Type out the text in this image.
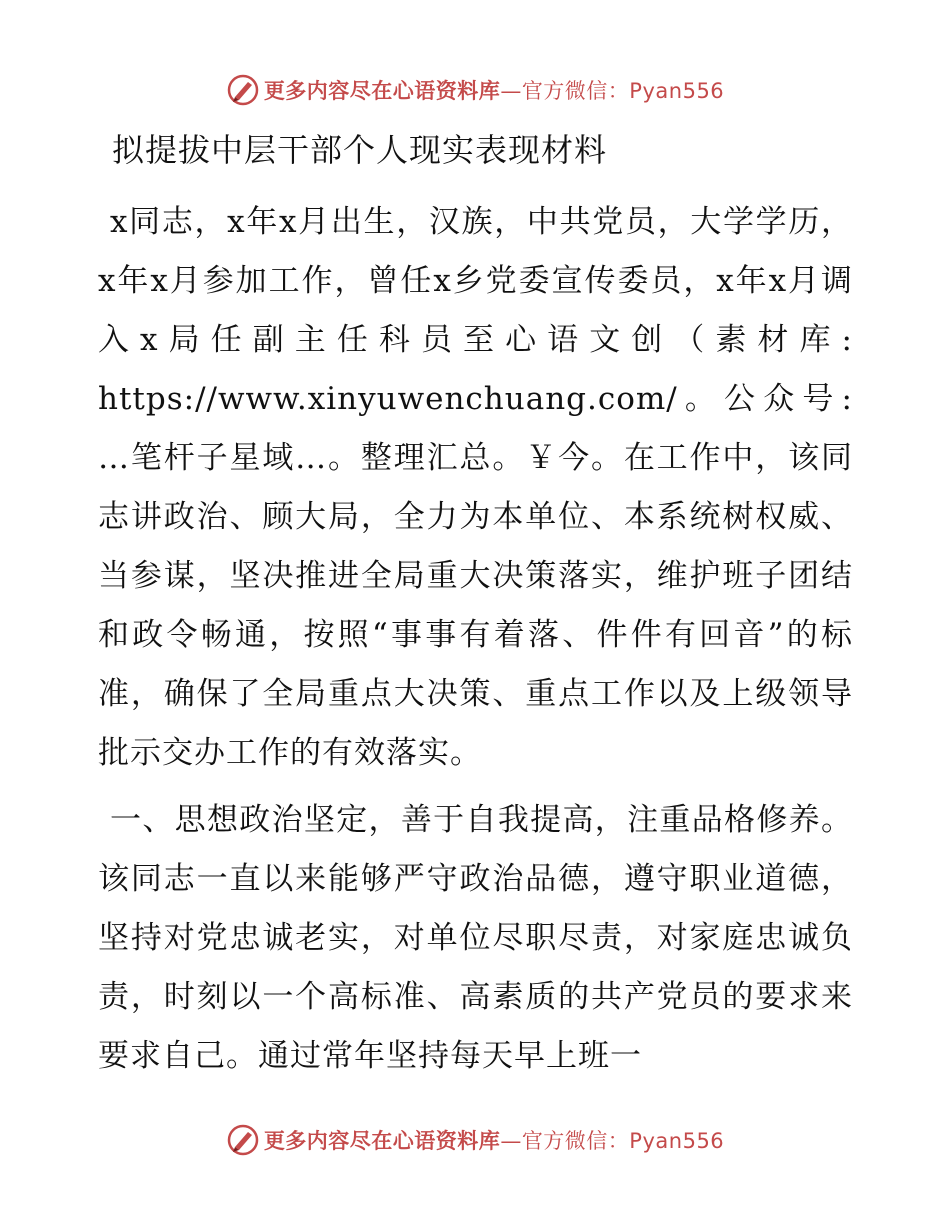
更多内容尽在心语资料库—官方微信：Pyan556
拟提拔中层干部个人现实表现材料

x同志，x年x月出生，汉族，中共党员，大学学历，x年x月参加工作，曾任x乡党委宣传委员，x年x月调入x局任副主任科员至心语文创（素材库: https://www.xinyuwenchuang.com/。公众号: …笔杆子星域…。整理汇总。￥今。在工作中，该同志讲政治、顾大局，全力为本单位、本系统树权威、当参谋，坚决推进全局重大决策落实，维护班子团结和政令畅通，按照“事事有着落、件件有回音”的标准，确保了全局重点大决策、重点工作以及上级领导批示交办工作的有效落实。

一、思想政治坚定，善于自我提高，注重品格修养。该同志一直以来能够严守政治品德，遵守职业道德，坚持对党忠诚老实，对单位尽职尽责，对家庭忠诚负责，时刻以一个高标准、高素质的共产党员的要求来要求自己。通过常年坚持每天早上班一

更多内容尽在心语资料库—官方微信：Pyan556
